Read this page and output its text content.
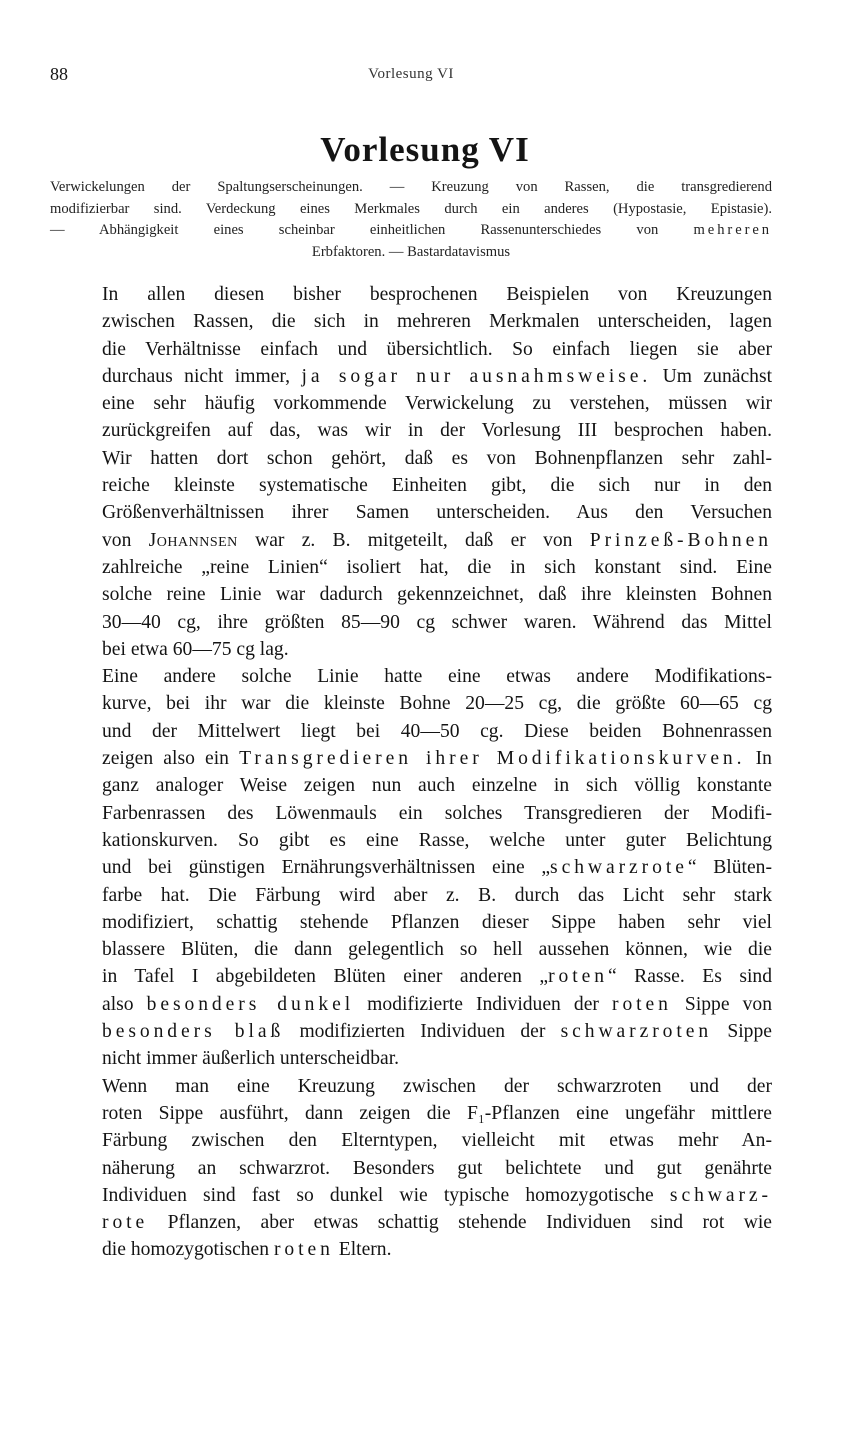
88	Vorlesung VI
Vorlesung VI
Verwickelungen der Spaltungserscheinungen. — Kreuzung von Rassen, die transgredierend
modifizierbar sind. Verdeckung eines Merkmales durch ein anderes (Hypostasie, Epistasie).
— Abhängigkeit eines scheinbar einheitlichen Rassenunterschiedes von mehreren
Erbfaktoren. — Bastardatavismus

In allen diesen bisher besprochenen Beispielen von Kreuzungen
zwischen Rassen, die sich in mehreren Merkmalen unterscheiden, lagen
die Verhältnisse einfach und übersichtlich. So einfach liegen sie aber
durchaus nicht immer, ja sogar nur ausnahmsweise. Um zunächst
eine sehr häufig vorkommende Verwickelung zu verstehen, müssen wir
zurückgreifen auf das, was wir in der Vorlesung III besprochen haben.
Wir hatten dort schon gehört, daß es von Bohnenpflanzen sehr zahl-
reiche kleinste systematische Einheiten gibt, die sich nur in den
Größenverhältnissen ihrer Samen unterscheiden. Aus den Versuchen
von Johannsen war z. B. mitgeteilt, daß er von Prinzeß-Bohnen
zahlreiche „reine Linien“ isoliert hat, die in sich konstant sind. Eine
solche reine Linie war dadurch gekennzeichnet, daß ihre kleinsten Bohnen
30—40 cg, ihre größten 85—90 cg schwer waren. Während das Mittel
bei etwa 60—75 cg lag.

Eine andere solche Linie hatte eine etwas andere Modifikations-
kurve, bei ihr war die kleinste Bohne 20—25 cg, die größte 60—65 cg
und der Mittelwert liegt bei 40—50 cg. Diese beiden Bohnenrassen
zeigen also ein Transgredieren ihrer Modifikationskurven. In
ganz analoger Weise zeigen nun auch einzelne in sich völlig konstante
Farbenrassen des Löwenmauls ein solches Transgredieren der Modifi-
kationskurven. So gibt es eine Rasse, welche unter guter Belichtung
und bei günstigen Ernährungsverhältnissen eine „schwarzrote“ Blüten-
farbe hat. Die Färbung wird aber z. B. durch das Licht sehr stark
modifiziert, schattig stehende Pflanzen dieser Sippe haben sehr viel
blassere Blüten, die dann gelegentlich so hell aussehen können, wie die
in Tafel I abgebildeten Blüten einer anderen „roten“ Rasse. Es sind
also besonders dunkel modifizierte Individuen der roten Sippe von
besonders blaß modifizierten Individuen der schwarzroten Sippe
nicht immer äußerlich unterscheidbar.

Wenn man eine Kreuzung zwischen der schwarzroten und der
roten Sippe ausführt, dann zeigen die F₁-Pflanzen eine ungefähr mittlere
Färbung zwischen den Elterntypen, vielleicht mit etwas mehr An-
näherung an schwarzrot. Besonders gut belichtete und gut genährte
Individuen sind fast so dunkel wie typische homozygotische schwarz-
rote Pflanzen, aber etwas schattig stehende Individuen sind rot wie
die homozygotischen roten Eltern.
